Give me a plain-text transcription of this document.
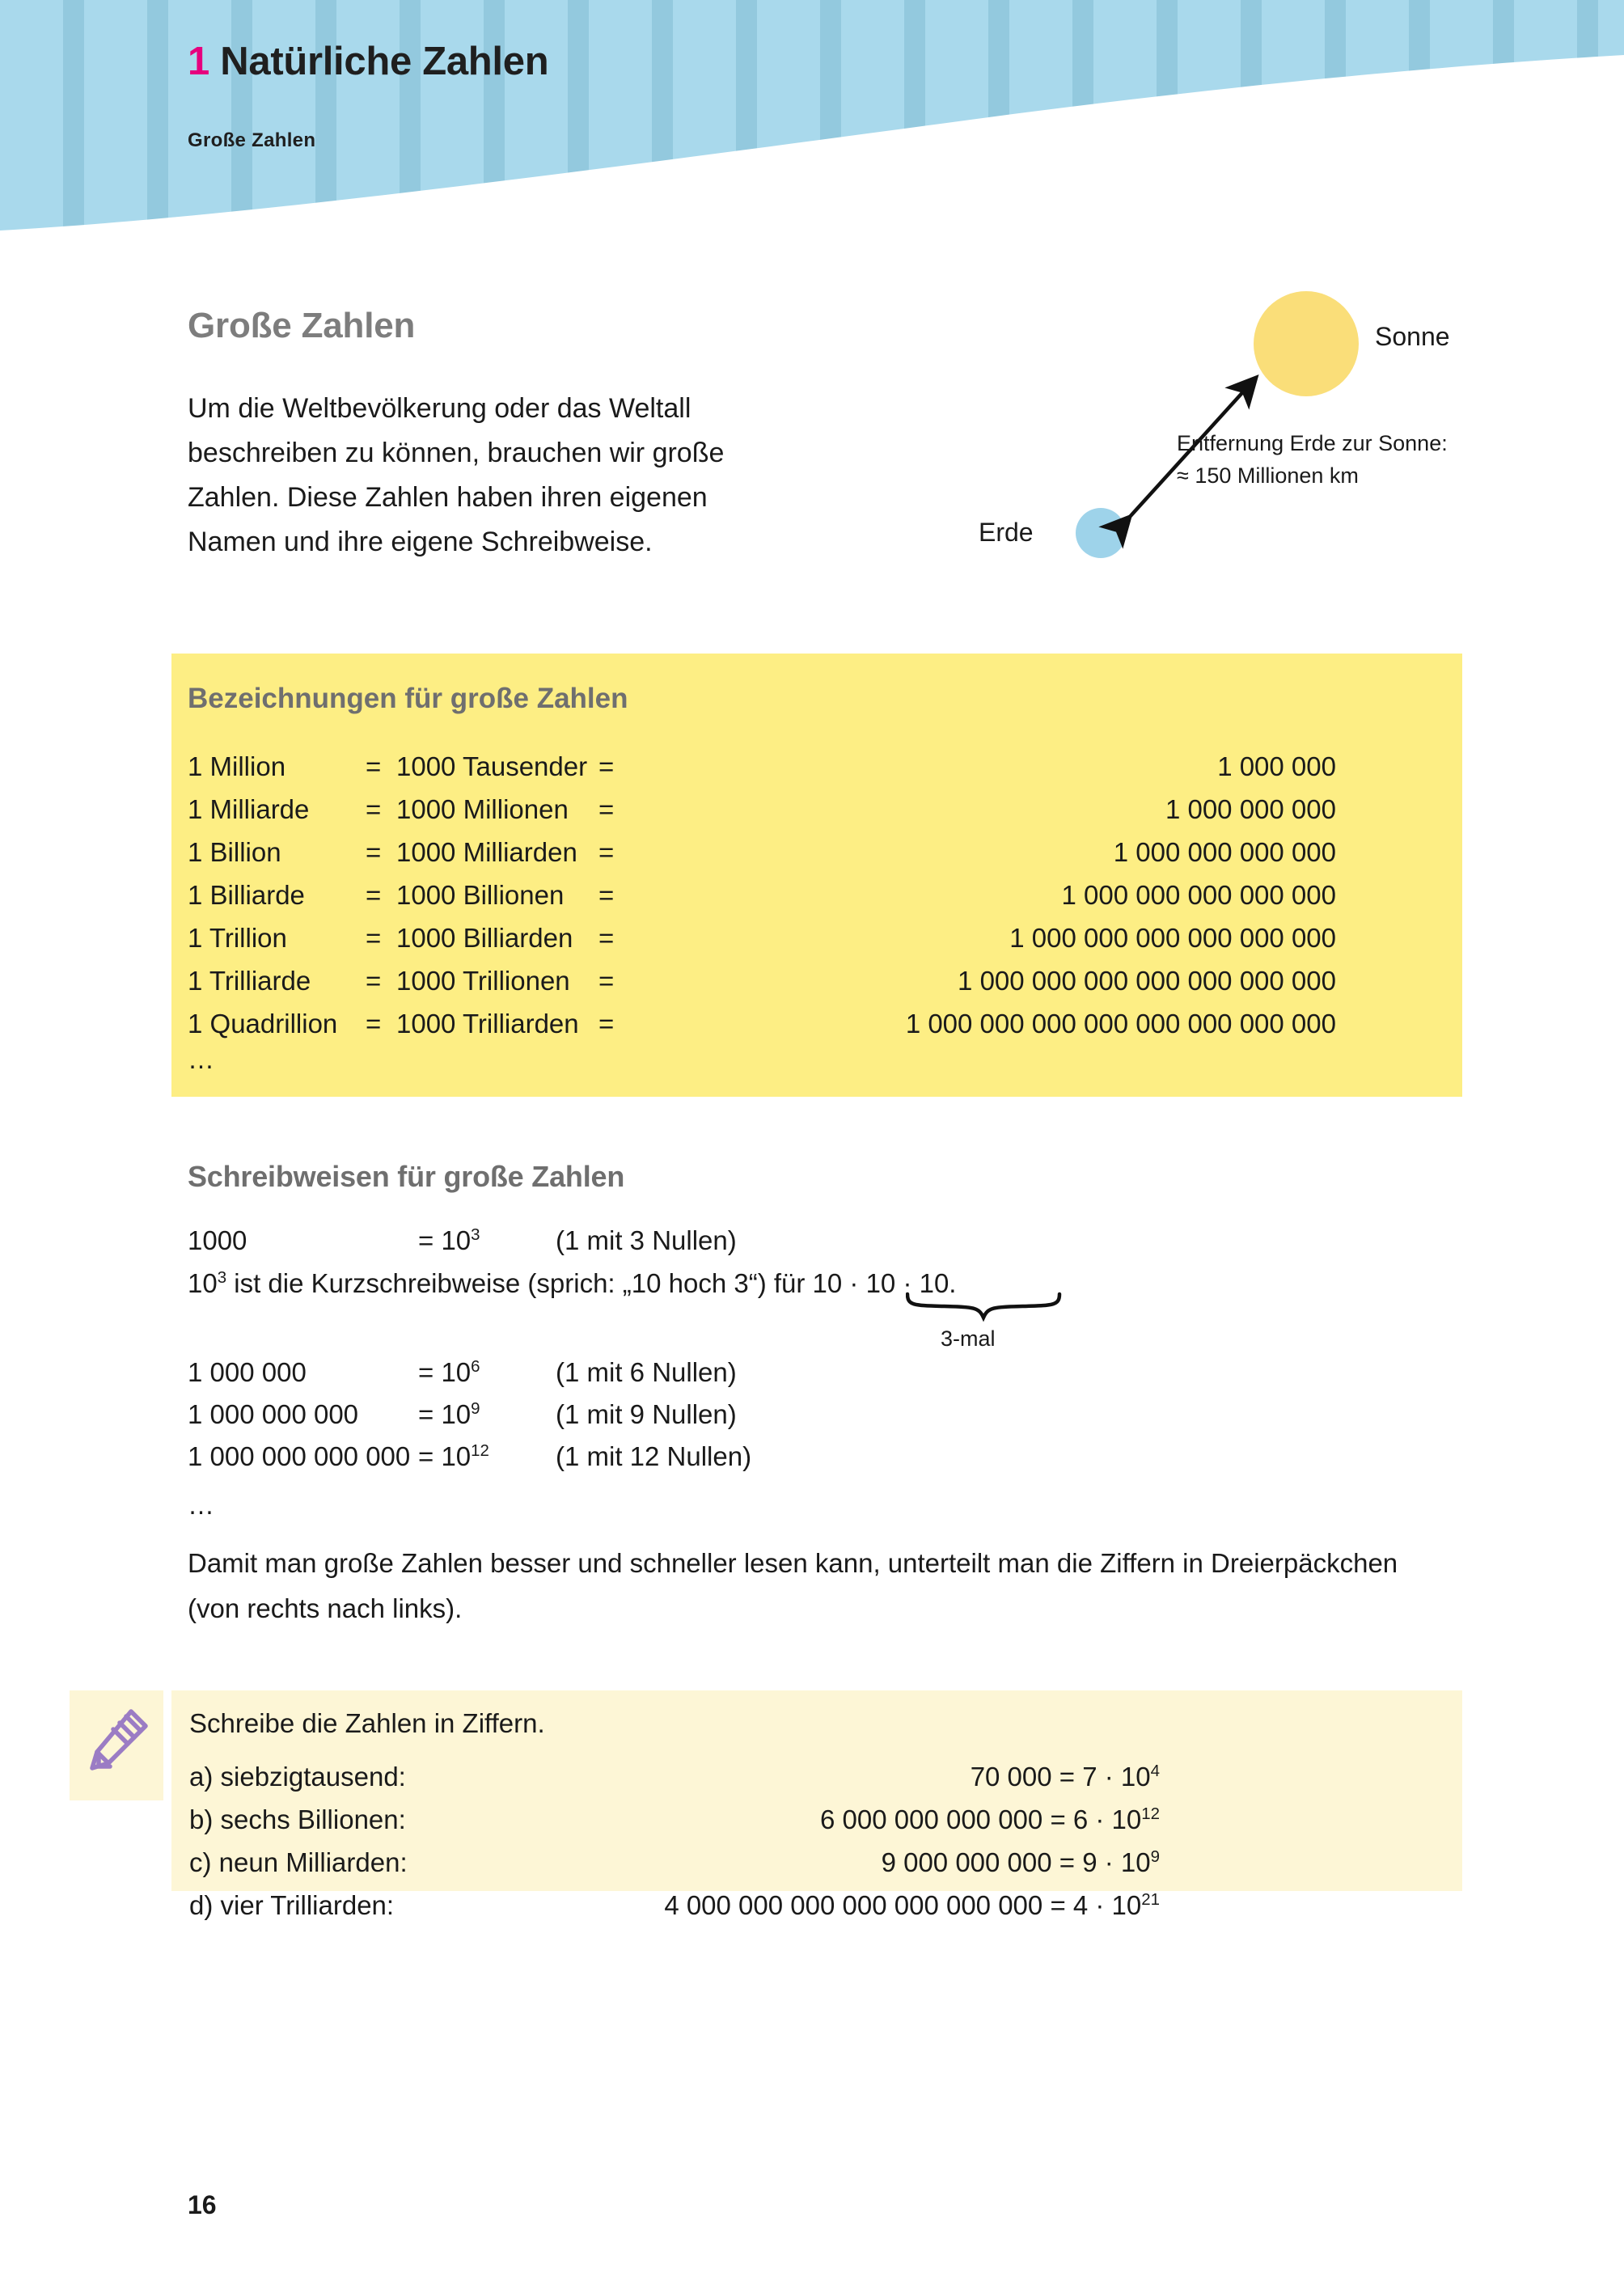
1 Natürliche Zahlen
Große Zahlen
Große Zahlen
Um die Weltbevölkerung oder das Weltall beschreiben zu können, brauchen wir große Zahlen. Diese Zahlen haben ihren eigenen Namen und ihre eigene Schreibweise.
Sonne
Erde
Entfernung Erde zur Sonne:
≈ 150 Millionen km
Bezeichnungen für große Zahlen
1 Million	=	1000 Tausender	=	1 000 000
1 Milliarde	=	1000 Millionen	=	1 000 000 000
1 Billion	=	1000 Milliarden	=	1 000 000 000 000
1 Billiarde	=	1000 Billionen	=	1 000 000 000 000 000
1 Trillion	=	1000 Billiarden	=	1 000 000 000 000 000 000
1 Trilliarde	=	1000 Trillionen	=	1 000 000 000 000 000 000 000
1 Quadrillion	=	1000 Trilliarden	=	1 000 000 000 000 000 000 000 000
…
Schreibweisen für große Zahlen
1000	= $10^3$	(1 mit 3 Nullen)
$10^3$ ist die Kurzschreibweise (sprich: „10 hoch 3“) für 10 · 10 · 10.
3-mal
1 000 000	= $10^6$	(1 mit 6 Nullen)
1 000 000 $000 = 10^9$	(1 mit 9 Nullen)
1 000 000 000 $000 = 10^{12}$ (1 mit 12 Nullen)
…
Damit man große Zahlen besser und schneller lesen kann, unterteilt man die Ziffern in Dreierpäckchen (von rechts nach links).
Schreibe die Zahlen in Ziffern.
a) siebzigtausend:	70 $000 = 7 \cdot 10^4$
b) sechs Billionen:	6 000 000 000 $000 = 6 \cdot 10^{12}$
c) neun Milliarden:	9 000 000 $000 = 9 \cdot 10^9$
d) vier Trilliarden:	4 000 000 000 000 000 000 $000 = 4 \cdot 10^{21}$
16
